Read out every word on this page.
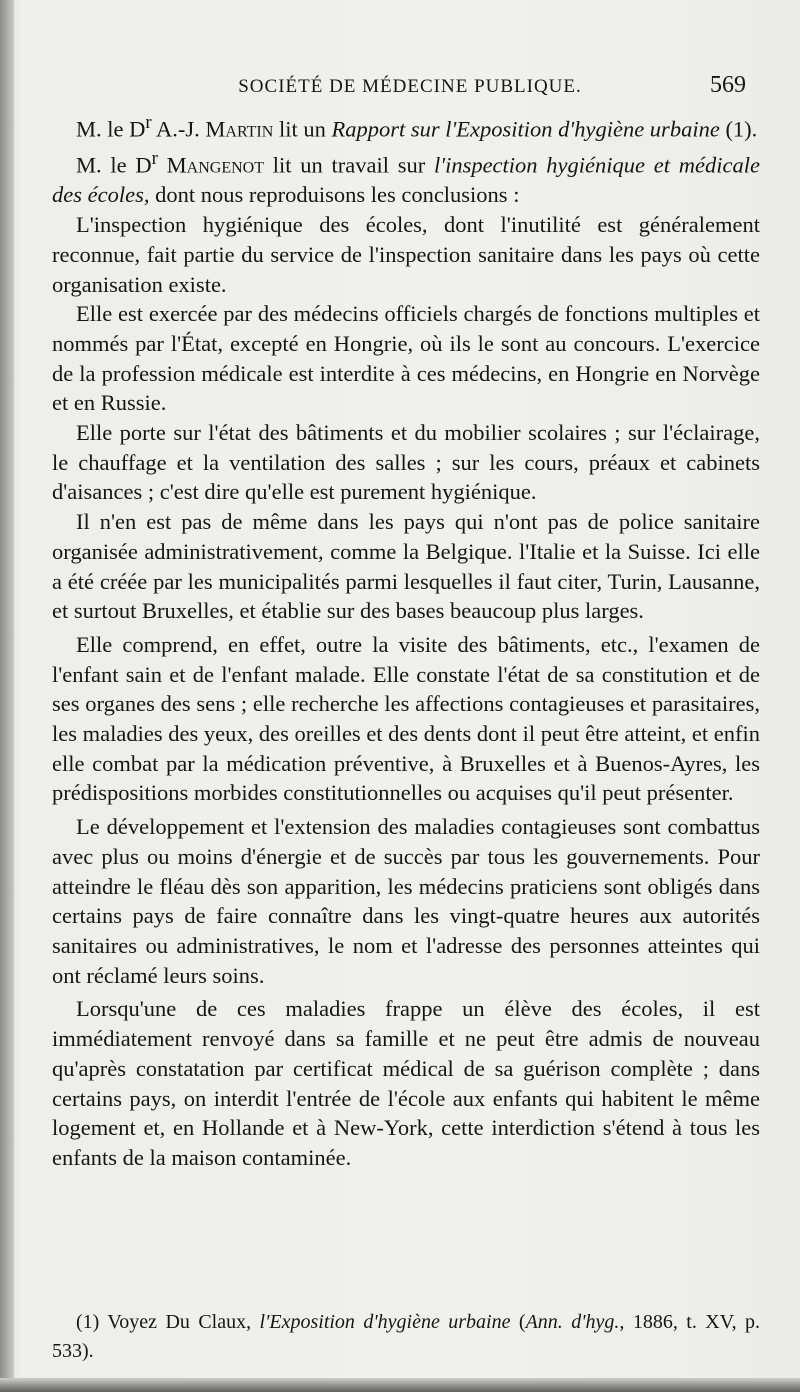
SOCIÉTÉ DE MÉDECINE PUBLIQUE.	569

M. le $D^r$ A.-J. Martin lit un Rapport sur l'Exposition d'hygiène urbaine (1).

M. le $D^r$ Mangenot lit un travail sur l'inspection hygiénique et médicale des écoles, dont nous reproduisons les conclusions :

L'inspection hygiénique des écoles, dont l'inutilité est généralement reconnue, fait partie du service de l'inspection sanitaire dans les pays où cette organisation existe.

Elle est exercée par des médecins officiels chargés de fonctions multiples et nommés par l'État, excepté en Hongrie, où ils le sont au concours. L'exercice de la profession médicale est interdite à ces médecins, en Hongrie en Norvège et en Russie.

Elle porte sur l'état des bâtiments et du mobilier scolaires ; sur l'éclairage, le chauffage et la ventilation des salles ; sur les cours, préaux et cabinets d'aisances ; c'est dire qu'elle est purement hygiénique.

Il n'en est pas de même dans les pays qui n'ont pas de police sanitaire organisée administrativement, comme la Belgique. l'Italie et la Suisse. Ici elle a été créée par les municipalités parmi lesquelles il faut citer, Turin, Lausanne, et surtout Bruxelles, et établie sur des bases beaucoup plus larges.

Elle comprend, en effet, outre la visite des bâtiments, etc., l'examen de l'enfant sain et de l'enfant malade. Elle constate l'état de sa constitution et de ses organes des sens ; elle recherche les affections contagieuses et parasitaires, les maladies des yeux, des oreilles et des dents dont il peut être atteint, et enfin elle combat par la médication préventive, à Bruxelles et à Buenos-Ayres, les prédispositions morbides constitutionnelles ou acquises qu'il peut présenter.

Le développement et l'extension des maladies contagieuses sont combattus avec plus ou moins d'énergie et de succès par tous les gouvernements. Pour atteindre le fléau dès son apparition, les médecins praticiens sont obligés dans certains pays de faire connaître dans les vingt-quatre heures aux autorités sanitaires ou administratives, le nom et l'adresse des personnes atteintes qui ont réclamé leurs soins.

Lorsqu'une de ces maladies frappe un élève des écoles, il est immédiatement renvoyé dans sa famille et ne peut être admis de nouveau qu'après constatation par certificat médical de sa guérison complète ; dans certains pays, on interdit l'entrée de l'école aux enfants qui habitent le même logement et, en Hollande et à New-York, cette interdiction s'étend à tous les enfants de la maison contaminée.

(1) Voyez Du Claux, l'Exposition d'hygiène urbaine (Ann. d'hyg., 1886, t. XV, p. 533).
